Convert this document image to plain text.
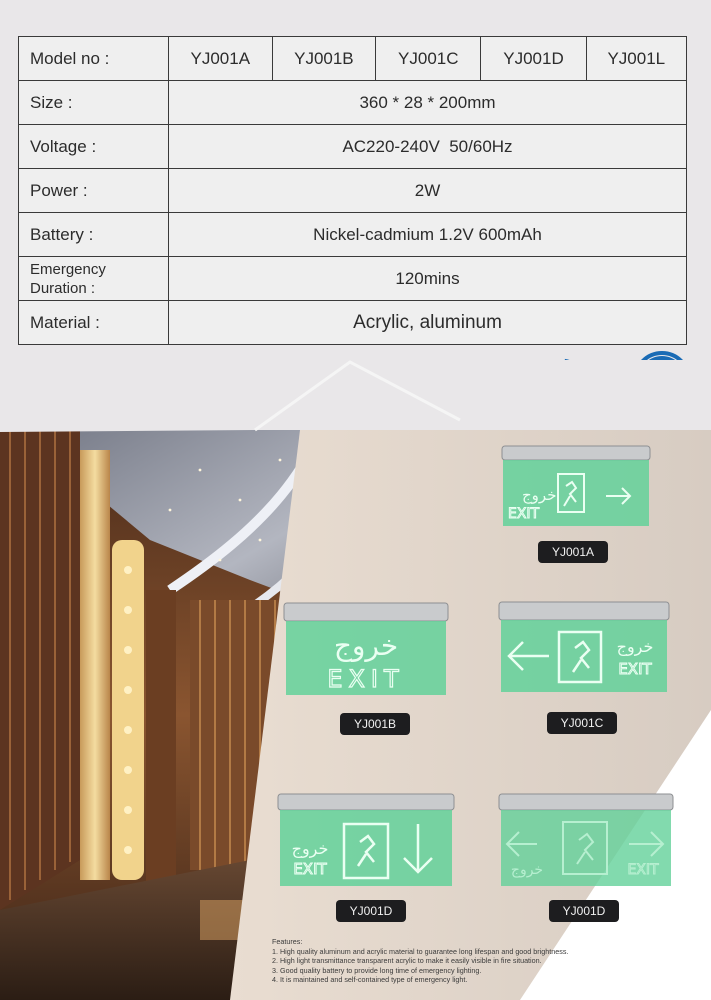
Model no :	YJ001A	YJ001B	YJ001C	YJ001D	YJ001L
Size :	360 * 28 * 200mm				
Voltage :	AC220-240V  50/60Hz				
Power :	2W				
Battery :	Nickel-cadmium 1.2V 600mAh				

Emergency
Duration :	120mins				
Material :	Acrylic, aluminum				
خروج
EXIT
YJ001A
خروج
EXIT
YJ001B
خروج
EXIT
YJ001C
خروج
EXIT
YJ001D
خروج	EXIT
YJ001D
Features:
1. High quality aluminum and acrylic material to guarantee long lifespan and good brightness.
2. High light transmittance transparent acrylic to make it easily visible in fire situation.
3. Good quality battery to provide long time of emergency lighting.
4. It is maintained and self-contained type of emergency light.
